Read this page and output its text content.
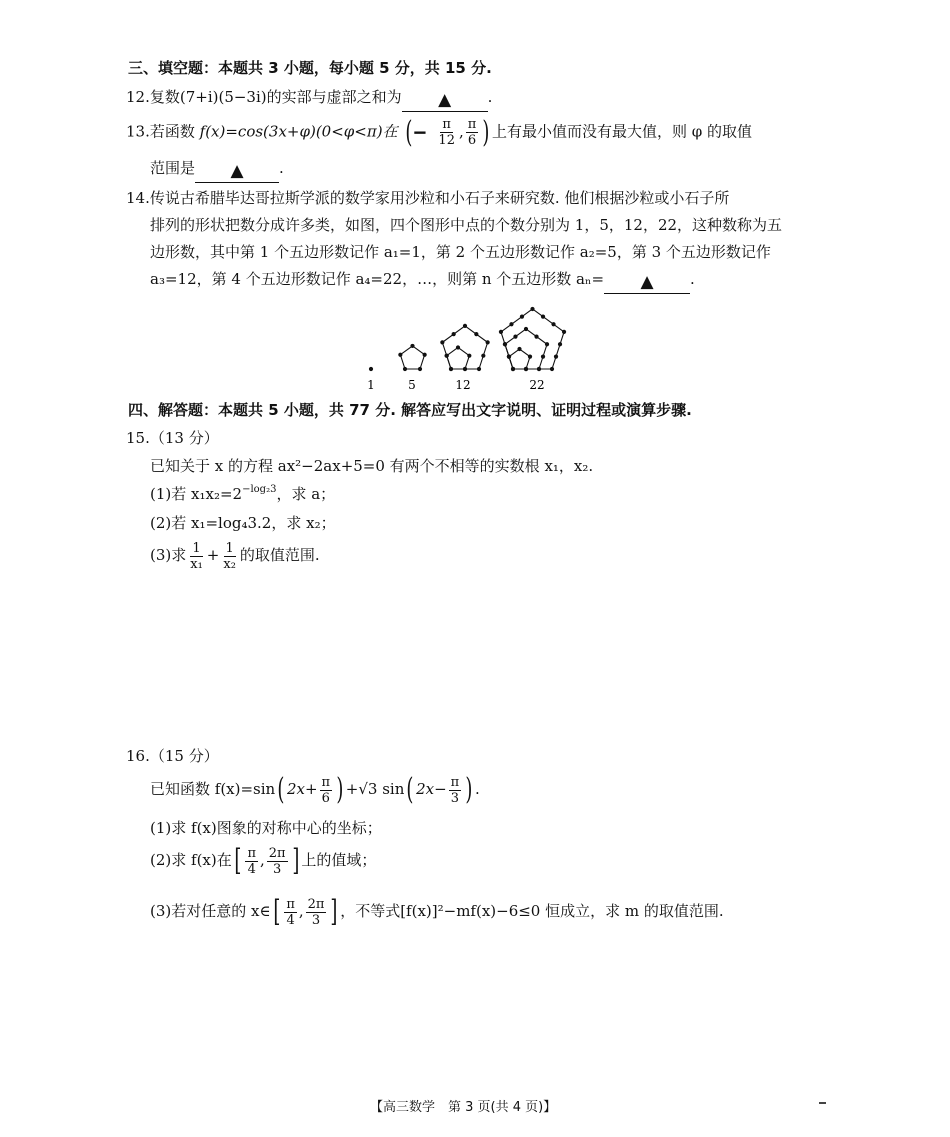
三、填空题：本题共 3 小题，每小题 5 分，共 15 分.
12.复数(7+i)(5−3i)的实部与虚部之和为 ▲ .
13.若函数 f(x)=cos(3x+φ)(0<φ<π)在 (− $\frac{\pi}{12}$ , $\frac{\pi}{6}$ ) 上有最小值而没有最大值，则 φ 的取值
范围是 ▲ .
14.传说古希腊毕达哥拉斯学派的数学家用沙粒和小石子来研究数. 他们根据沙粒或小石子所
排列的形状把数分成许多类，如图，四个图形中点的个数分别为 1，5，12，22，这种数称为五
边形数，其中第 1 个五边形数记作 a₁=1，第 2 个五边形数记作 a₂=5，第 3 个五边形数记作
a₃=12，第 4 个五边形数记作 a₄=22，…，则第 n 个五边形数 aₙ= ▲ .
1	5	12	22
四、解答题：本题共 5 小题，共 77 分. 解答应写出文字说明、证明过程或演算步骤.
15.（13 分）
已知关于 x 的方程 ax²−2ax+5=0 有两个不相等的实数根 x₁，x₂.
(1)若 $x_1x_2=2^{-log_23}$，求 a；
(2)若 x₁=log₄3.2，求 x₂；
(3)求 $\frac{1}{\text{x₁}} + \frac{1}{\text{x₂}}$ 的取值范围.
16.（15 分）
已知函数 f(x)=sin( $2x+ \frac{\pi}{6}$ ) +√3 sin( $2x- \frac{\pi}{3}$ ) .
(1)求 f(x)图象的对称中心的坐标；
(2)求 f(x)在[ $\frac{\pi}{4}$ , $\frac{2\pi}{3}$ ] 上的值域；
(3)若对任意的 x∈[ $\frac{\pi}{4}$ , $\frac{2\pi}{3}$ ] ，不等式[f(x)]²−mf(x)−6≤0 恒成立，求 m 的取值范围.
【高三数学　第 3 页(共 4 页)】
